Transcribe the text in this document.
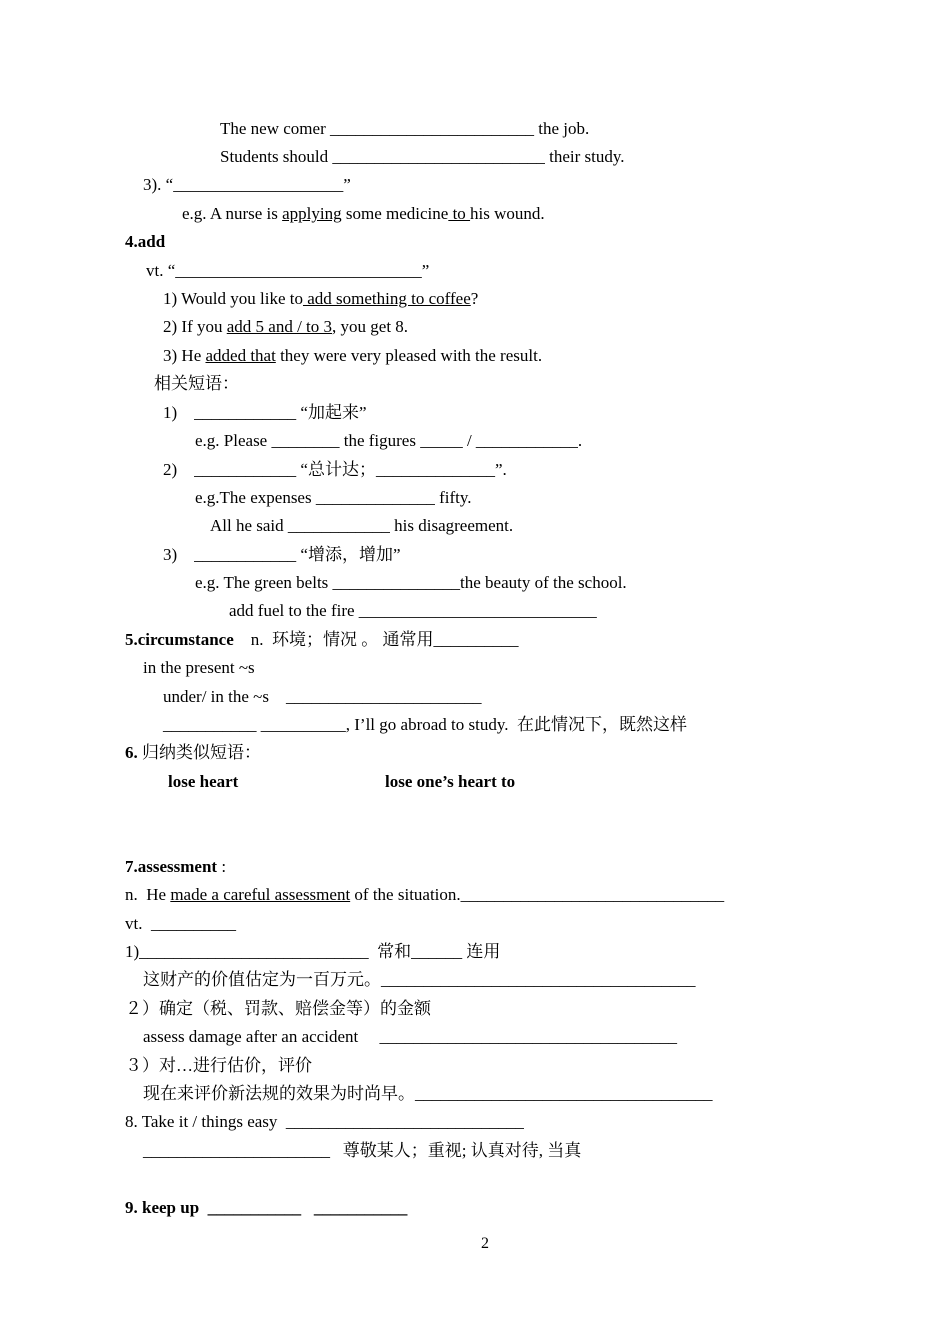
The new comer ________________________ the job.
Students should _________________________ their study.
3). “____________________”
e.g. A nurse is applying some medicine to his wound.
4.add
vt. “_____________________________”
1) Would you like to add something to coffee?
2) If you add 5 and / to 3, you get 8.
3) He added that they were very pleased with the result.
相关短语：
1)    ____________ “加起来”
e.g. Please ________ the figures _____ / ____________.
2)    ____________ “总计达；______________”.
e.g.The expenses ______________ fifty.
All he said ____________ his disagreement.
3)    ____________ “增添，增加”
e.g. The green belts _______________the beauty of the school.
add fuel to the fire ____________________________
5.circumstance    n.  环境；情况 。 通常用__________
in the present ~s
under/ in the ~s    _______________________
___________ __________, I’ll go abroad to study.  在此情况下，既然这样
6. 归纳类似短语：
lose heart	lose one’s heart to
7.assessment :
n.  He made a careful assessment of the situation._______________________________
vt.  __________
1)___________________________  常和______ 连用
这财产的价值估定为一百万元。_____________________________________
２）确定（税、罚款、赔偿金等）的金额
assess damage after an accident     ___________________________________
３）对…进行估价，评价
现在来评价新法规的效果为时尚早。___________________________________
8. Take it / things easy  ____________________________
______________________   尊敬某人；重视; 认真对待, 当真
9. keep up ___________ ___________
2
